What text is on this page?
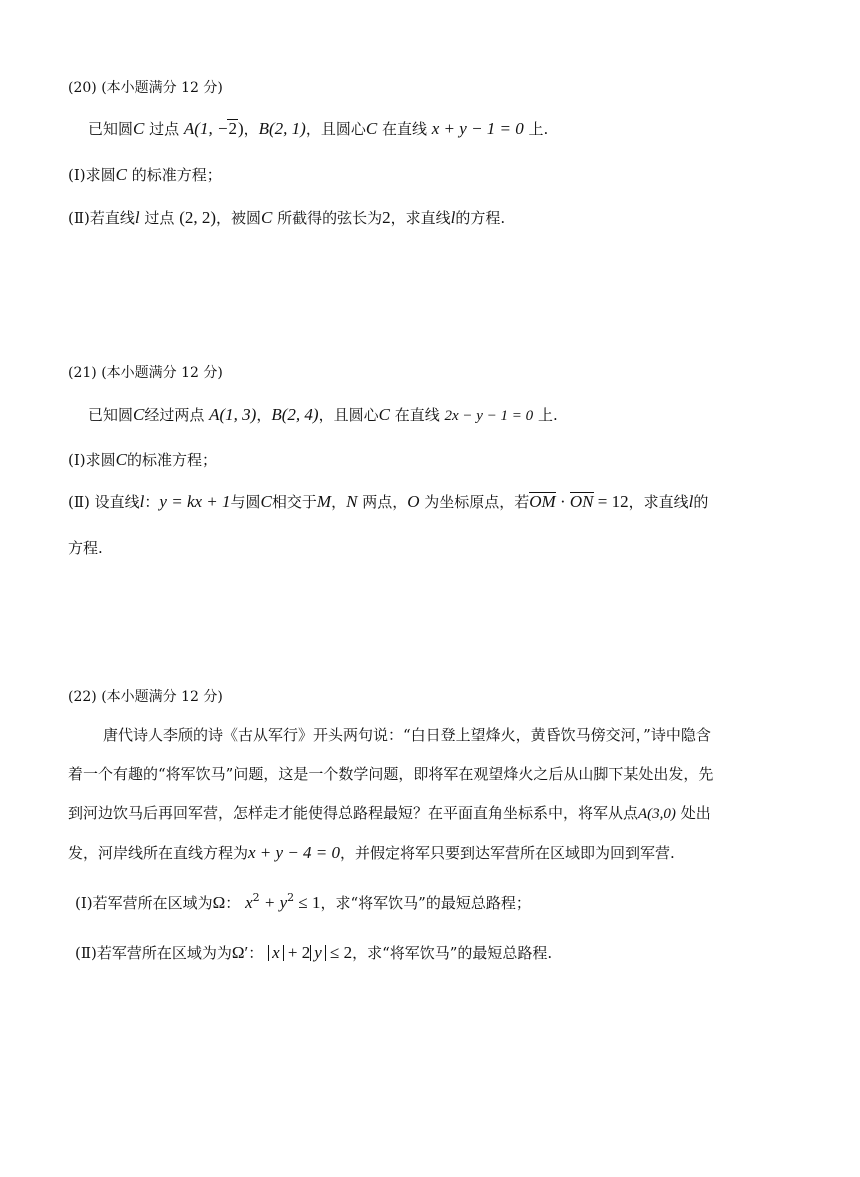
(20) (本小题满分 12 分)
已知圆C 过点 A(1, −2)，B(2, 1)，且圆心C 在直线 x + y − 1 = 0 上.
(Ⅰ)求圆C 的标准方程；
(Ⅱ)若直线l 过点 (2, 2)，被圆C 所截得的弦长为2，求直线l的方程.
(21) (本小题满分 12 分)
已知圆C经过两点 A(1, 3)，B(2, 4)，且圆心C 在直线 2x − y − 1 = 0 上.
(Ⅰ)求圆C的标准方程；
(Ⅱ) 设直线l：y = kx + 1与圆C相交于M，N 两点，O 为坐标原点，若OM · ON = 12，求直线l的
方程.
(22) (本小题满分 12 分)
唐代诗人李颀的诗《古从军行》开头两句说：“白日登上望烽火，黄昏饮马傍交河，”诗中隐含
着一个有趣的“将军饮马”问题，这是一个数学问题，即将军在观望烽火之后从山脚下某处出发，先
到河边饮马后再回军营，怎样走才能使得总路程最短？在平面直角坐标系中，将军从点A(3,0) 处出
发，河岸线所在直线方程为x + y − 4 = 0，并假定将军只要到达军营所在区域即为回到军营.
(Ⅰ)若军营所在区域为Ω： $x^2 + y^2 \le 1$，求“将军饮马”的最短总路程；
(Ⅱ)若军营所在区域为为Ω′： x + 2 y ≤ 2，求“将军饮马”的最短总路程.
